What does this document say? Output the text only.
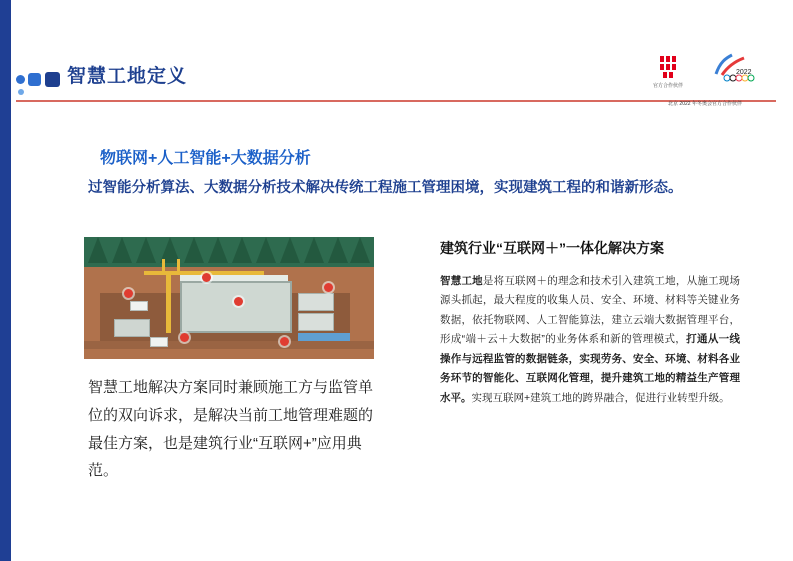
智慧工地定义	官方合作伙伴
2022
北京 2022 年冬奥会官方合作伙伴
物联网+人工智能+大数据分析
过智能分析算法、大数据分析技术解决传统工程施工管理困境，实现建筑工程的和谐新形态。
智慧工地解决方案同时兼顾施工方与监管单位的双向诉求，是解决当前工地管理难题的最佳方案，也是建筑行业“互联网+”应用典范。
建筑行业“互联网＋”一体化解决方案
智慧工地是将互联网＋的理念和技术引入建筑工地，从施工现场源头抓起，最大程度的收集人员、安全、环境、材料等关键业务数据，依托物联网、人工智能算法，建立云端大数据管理平台，形成“端＋云＋大数据”的业务体系和新的管理模式，打通从一线操作与远程监管的数据链条，实现劳务、安全、环境、材料各业务环节的智能化、互联网化管理，提升建筑工地的精益生产管理水平。实现互联网+建筑工地的跨界融合，促进行业转型升级。
